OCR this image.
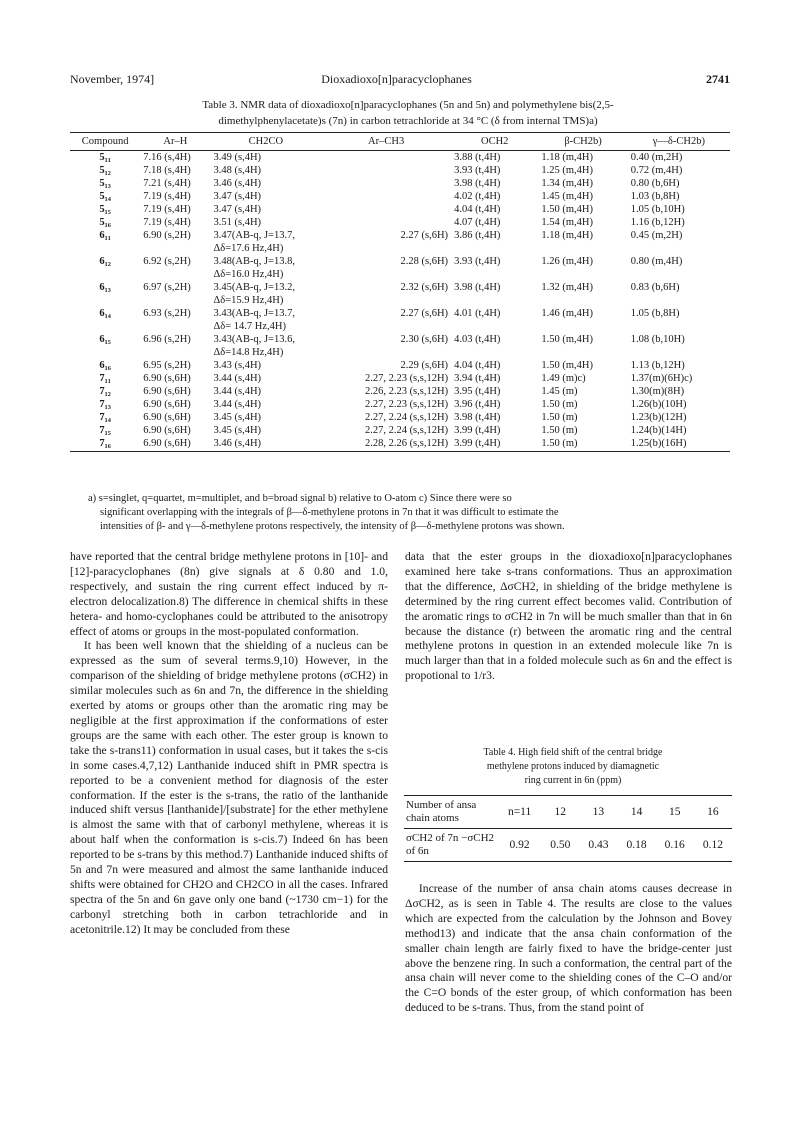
November, 1974]	Dioxadioxo[n]paracyclophanes	2741
Table 3. NMR data of dioxadioxo[n]paracyclophanes (5n and 5n) and polymethylene bis(2,5-
dimethylphenylacetate)s (7n) in carbon tetrachloride at 34 °C (δ from internal TMS)a)
Compound	Ar–H	CH2CO	Ar–CH3	OCH2	β-CH2b)	γ—δ-CH2b)
5₁₁	7.16 (s,4H)	3.49 (s,4H)		3.88 (t,4H)	1.18 (m,4H)	0.40 (m,2H)
5₁₂	7.18 (s,4H)	3.48 (s,4H)		3.93 (t,4H)	1.25 (m,4H)	0.72 (m,4H)
5₁₃	7.21 (s,4H)	3.46 (s,4H)		3.98 (t,4H)	1.34 (m,4H)	0.80 (b,6H)
5₁₄	7.19 (s,4H)	3.47 (s,4H)		4.02 (t,4H)	1.45 (m,4H)	1.03 (b,8H)
5₁₅	7.19 (s,4H)	3.47 (s,4H)		4.04 (t,4H)	1.50 (m,4H)	1.05 (b,10H)
5₁₆	7.19 (s,4H)	3.51 (s,4H)		4.07 (t,4H)	1.54 (m,4H)	1.16 (b,12H)
6₁₁	6.90 (s,2H)	3.47(AB-q, J=13.7,
Δδ=17.6 Hz,4H)	2.27 (s,6H)	3.86 (t,4H)	1.18 (m,4H)	0.45 (m,2H)
6₁₂	6.92 (s,2H)	3.48(AB-q, J=13.8,
Δδ=16.0 Hz,4H)	2.28 (s,6H)	3.93 (t,4H)	1.26 (m,4H)	0.80 (m,4H)
6₁₃	6.97 (s,2H)	3.45(AB-q, J=13.2,
Δδ=15.9 Hz,4H)	2.32 (s,6H)	3.98 (t,4H)	1.32 (m,4H)	0.83 (b,6H)
6₁₄	6.93 (s,2H)	3.43(AB-q, J=13.7,
Δδ= 14.7 Hz,4H)	2.27 (s,6H)	4.01 (t,4H)	1.46 (m,4H)	1.05 (b,8H)
6₁₅	6.96 (s,2H)	3.43(AB-q, J=13.6,
Δδ=14.8 Hz,4H)	2.30 (s,6H)	4.03 (t,4H)	1.50 (m,4H)	1.08 (b,10H)
6₁₆	6.95 (s,2H)	3.43 (s,4H)	2.29 (s,6H)	4.04 (t,4H)	1.50 (m,4H)	1.13 (b,12H)
7₁₁	6.90 (s,6H)	3.44 (s,4H)	2.27, 2.23 (s,s,12H)	3.94 (t,4H)	1.49 (m)c)	1.37(m)(6H)c)
7₁₂	6.90 (s,6H)	3.44 (s,4H)	2.26, 2.23 (s,s,12H)	3.95 (t,4H)	1.45 (m)	1.30(m)(8H)
7₁₃	6.90 (s,6H)	3.44 (s,4H)	2.27, 2.23 (s,s,12H)	3.96 (t,4H)	1.50 (m)	1.26(b)(10H)
7₁₄	6.90 (s,6H)	3.45 (s,4H)	2.27, 2.24 (s,s,12H)	3.98 (t,4H)	1.50 (m)	1.23(b)(12H)
7₁₅	6.90 (s,6H)	3.45 (s,4H)	2.27, 2.24 (s,s,12H)	3.99 (t,4H)	1.50 (m)	1.24(b)(14H)
7₁₆	6.90 (s,6H)	3.46 (s,4H)	2.28, 2.26 (s,s,12H)	3.99 (t,4H)	1.50 (m)	1.25(b)(16H)
a) s=singlet, q=quartet, m=multiplet, and b=broad signal b) relative to O-atom c) Since there were so
significant overlapping with the integrals of β—δ-methylene protons in 7n that it was difficult to estimate the
intensities of β- and γ—δ-methylene protons respectively, the intensity of β—δ-methylene protons was shown.

have reported that the central bridge methylene protons in [10]- and [12]-paracyclophanes (8n) give signals at δ 0.80 and 1.0, respectively, and sustain the ring current effect induced by π-electron delocalization.8) The difference in chemical shifts in these hetera- and homo-cyclophanes could be attributed to the anisotropy effect of atoms or groups in the most-populated conformation.

It has been well known that the shielding of a nucleus can be expressed as the sum of several terms.9,10) However, in the comparison of the shielding of bridge methylene protons (σCH2) in similar molecules such as 6n and 7n, the difference in the shielding exerted by atoms or groups other than the aromatic ring may be negligible at the first approximation if the conformations of ester groups are the same with each other. The ester group is known to take the s-trans11) conformation in usual cases, but it takes the s-cis in some cases.4,7,12) Lanthanide induced shift in PMR spectra is reported to be a convenient method for diagnosis of the ester conformation. If the ester is the s-trans, the ratio of the lanthanide induced shift versus [lanthanide]/[substrate] for the ether methylene is almost the same with that of carbonyl methylene, whereas it is about half when the conformation is s-cis.7) Indeed 6n has been reported to be s-trans by this method.7) Lanthanide induced shifts of 5n and 7n were measured and almost the same lanthanide induced shifts were obtained for CH2O and CH2CO in all the cases. Infrared spectra of the 5n and 6n gave only one band (~1730 cm−1) for the carbonyl stretching both in carbon tetrachloride and in acetonitrile.12) It may be concluded from these

data that the ester groups in the dioxadioxo[n]paracyclophanes examined here take s-trans conformations. Thus an approximation that the difference, ΔσCH2, in shielding of the bridge methylene is determined by the ring current effect becomes valid. Contribution of the aromatic rings to σCH2 in 7n will be much smaller than that in 6n because the distance (r) between the aromatic ring and the central methylene protons in question in an extended molecule like 7n is much larger than that in a folded molecule such as 6n and the effect is propotional to 1/r3.

Table 4. High field shift of the central bridge
methylene protons induced by diamagnetic
ring current in 6n (ppm)
Number of ansa chain atoms	n=11	12	13	14	15	16
σCH2 of 7n −σCH2 of 6n	0.92	0.50	0.43	0.18	0.16	0.12

Increase of the number of ansa chain atoms causes decrease in ΔσCH2, as is seen in Table 4. The results are close to the values which are expected from the calculation by the Johnson and Bovey method13) and indicate that the ansa chain conformation of the smaller chain length are fairly fixed to have the bridge-center just above the benzene ring. In such a conformation, the central part of the ansa chain will never come to the shielding cones of the C–O and/or the C=O bonds of the ester group, of which conformation has been deduced to be s-trans. Thus, from the stand point of
